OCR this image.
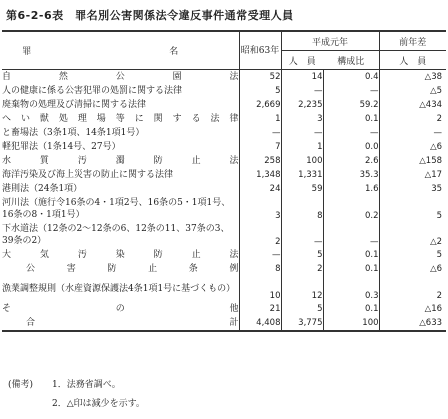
第6-2-6表　罪名別公害関係法令違反事件通常受理人員
罪　　名	昭和63年	平成元年		前年差
		人　員	構成比	人　員
自　然　公　園　法	52	14	0.4	△38
人の健康に係る公害犯罪の処罰に関する法律	5	—	—	△5
廃棄物の処理及び清掃に関する法律	2,669	2,235	59.2	△434
へい獣処理場等に関する法律	1	3	0.1	2
と畜場法（3条1項、14条1項1号）	—	—	—	—
軽犯罪法（1条14号、27号）	7	1	0.0	△6
水　質　汚　濁　防　止　法	258	100	2.6	△158
海洋汚染及び海上災害の防止に関する法律	1,348	1,331	35.3	△17
港則法（24条1項）	24	59	1.6	35
河川法（施行令16条の4・1項2号、16条の5・1項1号、16条の8・1項1号）	3	8	0.2	5
下水道法（12条の2～12条の6、12条の11、37条の3、39条の2）	2	—	—	△2
大　気　汚　染　防　止　法	—	5	0.1	5
公　害　防　止　条　例	8	2	0.1	△6
漁業調整規則（水産資源保護法4条1項1号に基づくもの）	10	12	0.3	2
そ　の　他	21	5	0.1	△16
合　計	4,408	3,775	100	△633
(備考) 1．法務省調べ。
2．△印は減少を示す。
